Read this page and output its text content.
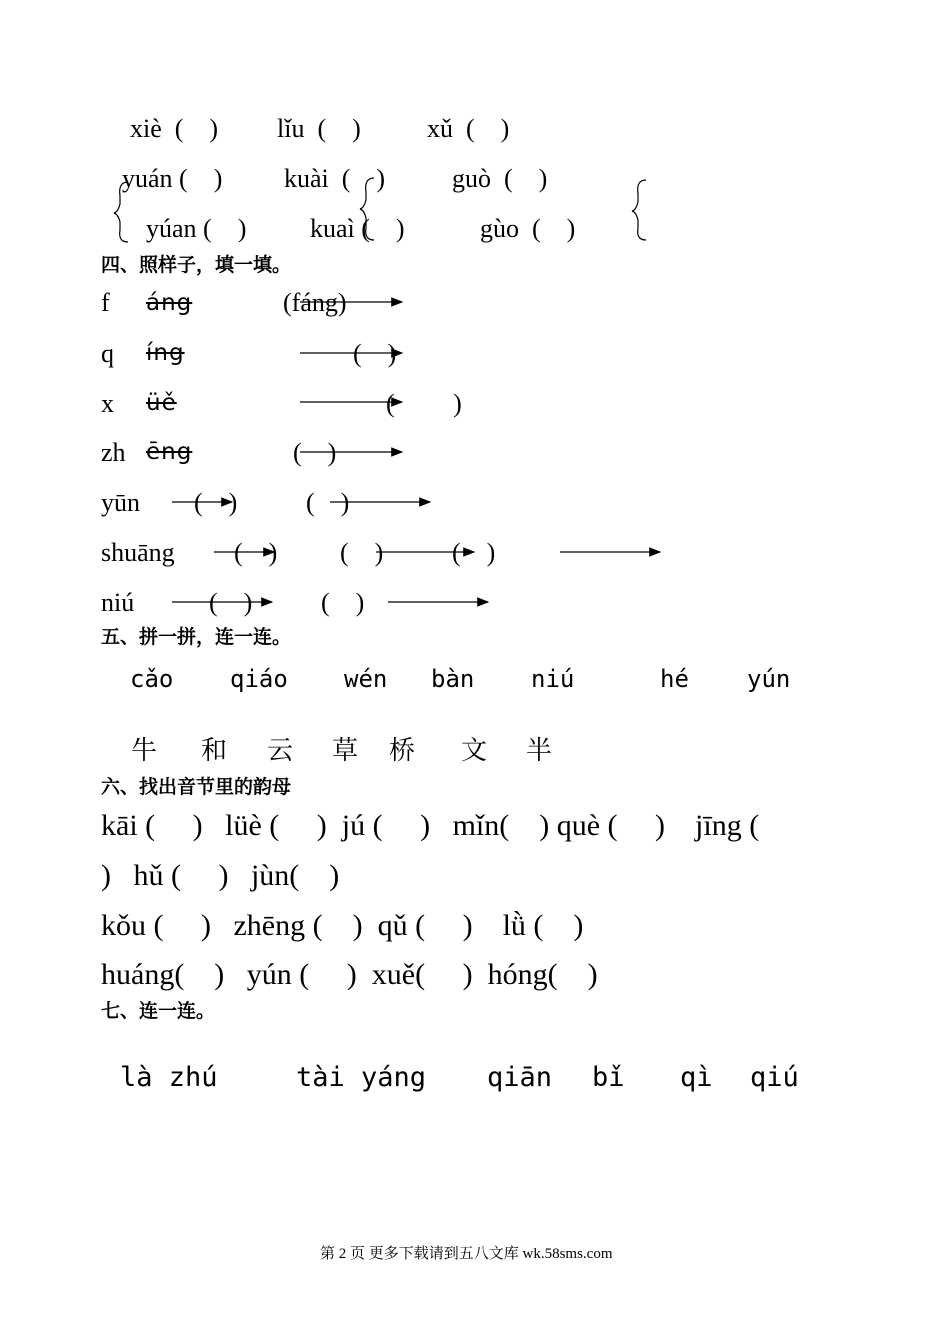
xiè  (    ) lǐu  (    )	xǔ  (    )
yuán (    ) kuài  (    )	guò  (    )
yúan (    ) kuaì (    )	gùo  (    )
四、照样子，填一填。
f áng	(fáng)
q íng	(    )
x üě	(         )
zh ēng	(    )
yūn (    )	(    )
shuāng (    ) (    )	(    )
niú	(    )	(    )
五、拼一拼，连一连。
cǎo qiáo wén bàn niú	hé yún
牛 和 云 草 桥 文 半
六、找出音节里的韵母
kāi (     )   lüè (     )  jú (     )   mǐn(    ) què (     )    jīng (
)   hǔ (     )   jùn(    )
kǒu (     )   zhēng (    )  qǔ (     )    lǜ (    )
huáng(    )   yún (     )  xuě(     )  hóng(    )
七、连一连。
là zhú	tài yáng qiān bǐ qì qiú
第 2 页 更多下载请到五八文库 wk.58sms.com
